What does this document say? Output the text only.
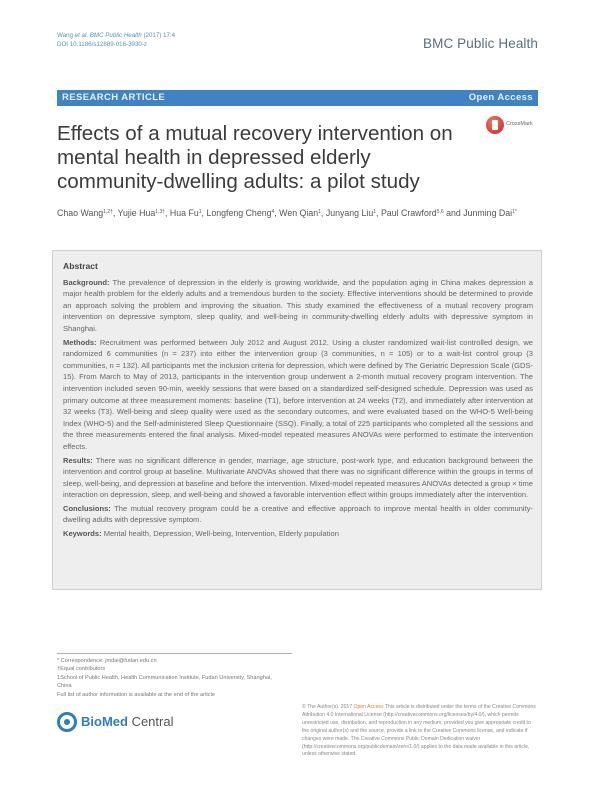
Wang et al. BMC Public Health (2017) 17:4
DOI 10.1186/s12889-016-3930-z	BMC Public Health
RESEARCH ARTICLE	Open Access
Effects of a mutual recovery intervention on mental health in depressed elderly community-dwelling adults: a pilot study
CrossMark
Chao Wang$^{1,2\dagger}$, Yujie Hua$^{1,3\dagger}$, Hua Fu$^1$, Longfeng Cheng$^4$, Wen Qian$^1$, Junyang Liu$^1$, Paul Crawford$^{5,6}$ and Junming Dai$^{1*}$
Abstract

Background: The prevalence of depression in the elderly is growing worldwide, and the population aging in China makes depression a major health problem for the elderly adults and a tremendous burden to the society. Effective interventions should be determined to provide an approach solving the problem and improving the situation. This study examined the effectiveness of a mutual recovery program intervention on depressive symptom, sleep quality, and well-being in community-dwelling elderly adults with depressive symptom in Shanghai.

Methods: Recruitment was performed between July 2012 and August 2012. Using a cluster randomized wait-list controlled design, we randomized 6 communities (n = 237) into either the intervention group (3 communities, n = 105) or to a wait-list control group (3 communities, n = 132). All participants met the inclusion criteria for depression, which were defined by The Geriatric Depression Scale (GDS-15). From March to May of 2013, participants in the intervention group underwent a 2-month mutual recovery program intervention. The intervention included seven 90-min, weekly sessions that were based on a standardized self-designed schedule. Depression was used as primary outcome at three measurement moments: baseline (T1), before intervention at 24 weeks (T2), and immediately after intervention at 32 weeks (T3). Well-being and sleep quality were used as the secondary outcomes, and were evaluated based on the WHO-5 Well-being Index (WHO-5) and the Self-administered Sleep Questionnaire (SSQ). Finally, a total of 225 participants who completed all the sessions and the three measurements entered the final analysis. Mixed-model repeated measures ANOVAs were performed to estimate the intervention effects.

Results: There was no significant difference in gender, marriage, age structure, post-work type, and education background between the intervention and control group at baseline. Multivariate ANOVAs showed that there was no significant difference within the groups in terms of sleep, well-being, and depression at baseline and before the intervention. Mixed-model repeated measures ANOVAs detected a group × time interaction on depression, sleep, and well-being and showed a favorable intervention effect within groups immediately after the intervention.

Conclusions: The mutual recovery program could be a creative and effective approach to improve mental health in older community-dwelling adults with depressive symptom.

Keywords: Mental health, Depression, Well-being, Intervention, Elderly population

* Correspondence: jmdai@fudan.edu.cn
†Equal contributors
1School of Public Health, Health Communication Institute, Fudan University, Shanghai, China
Full list of author information is available at the end of the article
BioMed Central
© The Author(s). 2017 Open Access This article is distributed under the terms of the Creative Commons Attribution 4.0 International License (http://creativecommons.org/licenses/by/4.0/), which permits unrestricted use, distribution, and reproduction in any medium, provided you give appropriate credit to the original author(s) and the source, provide a link to the Creative Commons license, and indicate if changes were made. The Creative Commons Public Domain Dedication waiver (http://creativecommons.org/publicdomain/zero/1.0/) applies to the data made available in this article, unless otherwise stated.
